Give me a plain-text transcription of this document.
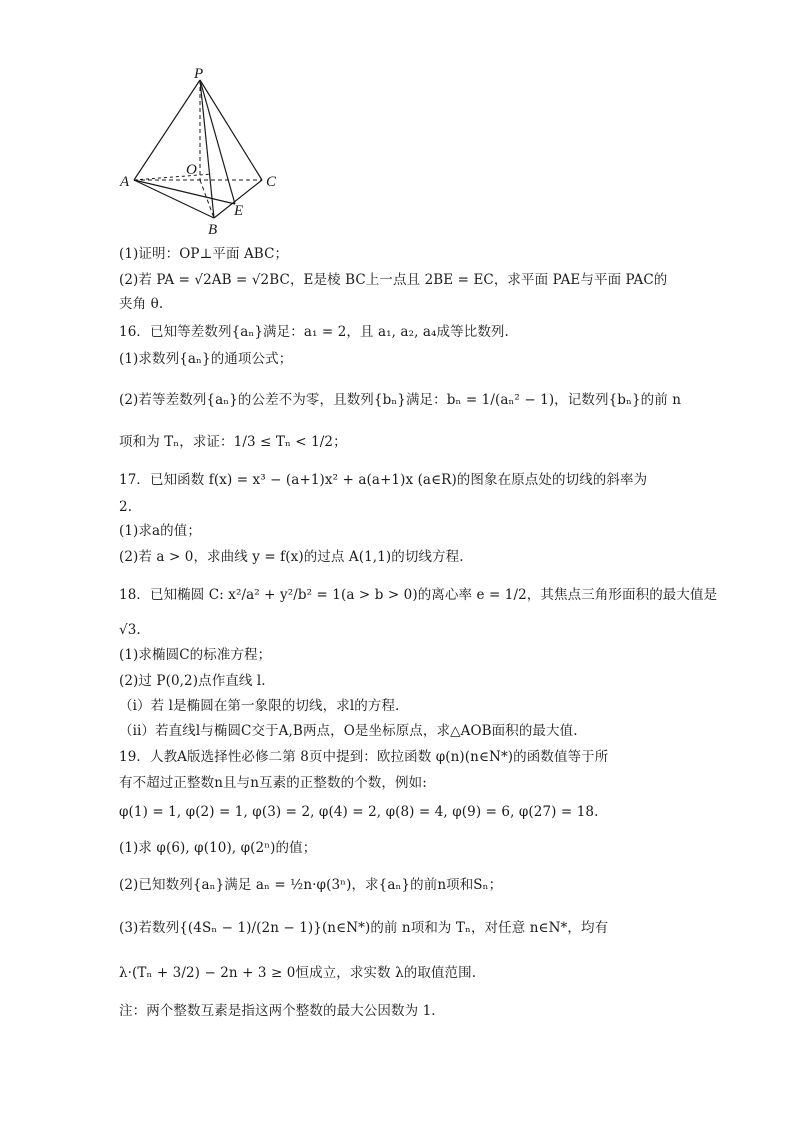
P
A
B
C
O
E
(1)证明：OP⊥平面 ABC；
(2)若 PA = √2AB = √2BC，E是棱 BC上一点且 2BE = EC，求平面 PAE与平面 PAC的
夹角 θ.
16．已知等差数列{aₙ}满足：a₁ = 2，且 a₁, a₂, a₄成等比数列.
(1)求数列{aₙ}的通项公式；
(2)若等差数列{aₙ}的公差不为零，且数列{bₙ}满足：bₙ = 1/(aₙ² − 1)，记数列{bₙ}的前 n
项和为 Tₙ，求证：1/3 ≤ Tₙ < 1/2；
17．已知函数 f(x) = x³ − (a+1)x² + a(a+1)x (a∈R)的图象在原点处的切线的斜率为
2.
(1)求a的值；
(2)若 a > 0，求曲线 y = f(x)的过点 A(1,1)的切线方程.
18．已知椭圆 C: x²/a² + y²/b² = 1(a > b > 0)的离心率 e = 1/2，其焦点三角形面积的最大值是
√3.
(1)求椭圆C的标准方程；
(2)过 P(0,2)点作直线 l.
（i）若 l是椭圆在第一象限的切线，求l的方程.
（ii）若直线l与椭圆C交于A,B两点，O是坐标原点，求△AOB面积的最大值.
19．人教A版选择性必修二第 8页中提到：欧拉函数 φ(n)(n∈N*)的函数值等于所
有不超过正整数n且与n互素的正整数的个数，例如:
φ(1) = 1, φ(2) = 1, φ(3) = 2, φ(4) = 2, φ(8) = 4, φ(9) = 6, φ(27) = 18.
(1)求 φ(6), φ(10), φ(2ⁿ)的值；
(2)已知数列{aₙ}满足 aₙ = ½n·φ(3ⁿ)，求{aₙ}的前n项和Sₙ；
(3)若数列{(4Sₙ − 1)/(2n − 1)}(n∈N*)的前 n项和为 Tₙ，对任意 n∈N*，均有
λ·(Tₙ + 3/2) − 2n + 3 ≥ 0恒成立，求实数 λ的取值范围.
注：两个整数互素是指这两个整数的最大公因数为 1.
